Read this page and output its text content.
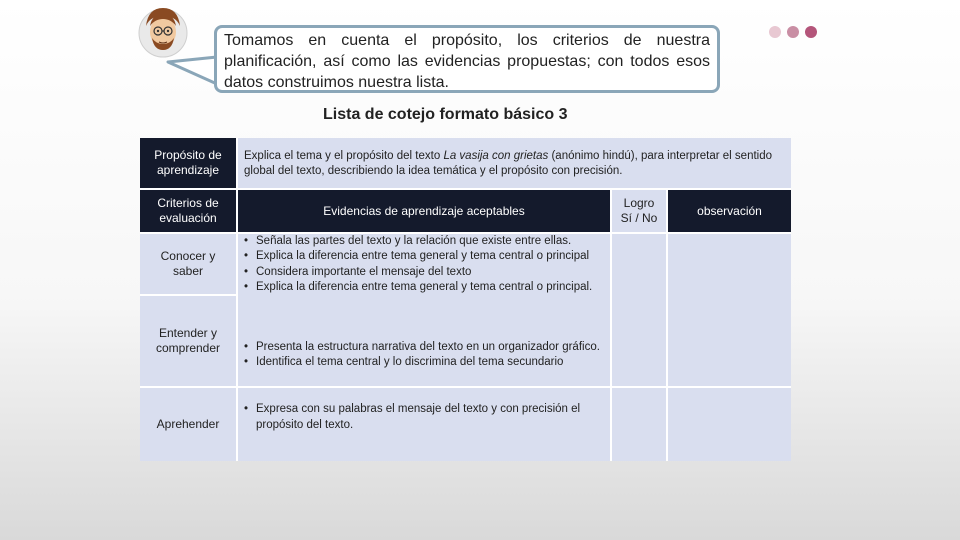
Tomamos en cuenta el propósito, los criterios de nuestra planificación, así como las evidencias propuestas; con todos esos datos construimos nuestra lista.
Lista de cotejo formato básico 3
Propósito de aprendizaje
Explica el tema y el propósito del texto La vasija con grietas (anónimo hindú), para interpretar el sentido global del texto, describiendo la idea temática y el propósito con precisión.
Criterios de evaluación
Evidencias de aprendizaje aceptables
Logro Sí / No
observación
Conocer y saber
Entender y comprender
Aprehender
• Señala las partes del texto y la relación que existe entre ellas.
• Explica la diferencia entre tema general y tema central o principal
• Considera importante el mensaje del texto
• Explica la diferencia entre tema general y tema central o principal.
• Presenta la estructura narrativa del texto en un organizador gráfico.
• Identifica el tema central y lo discrimina del tema secundario
• Expresa con su palabras el mensaje del texto y con precisión el propósito del texto.
